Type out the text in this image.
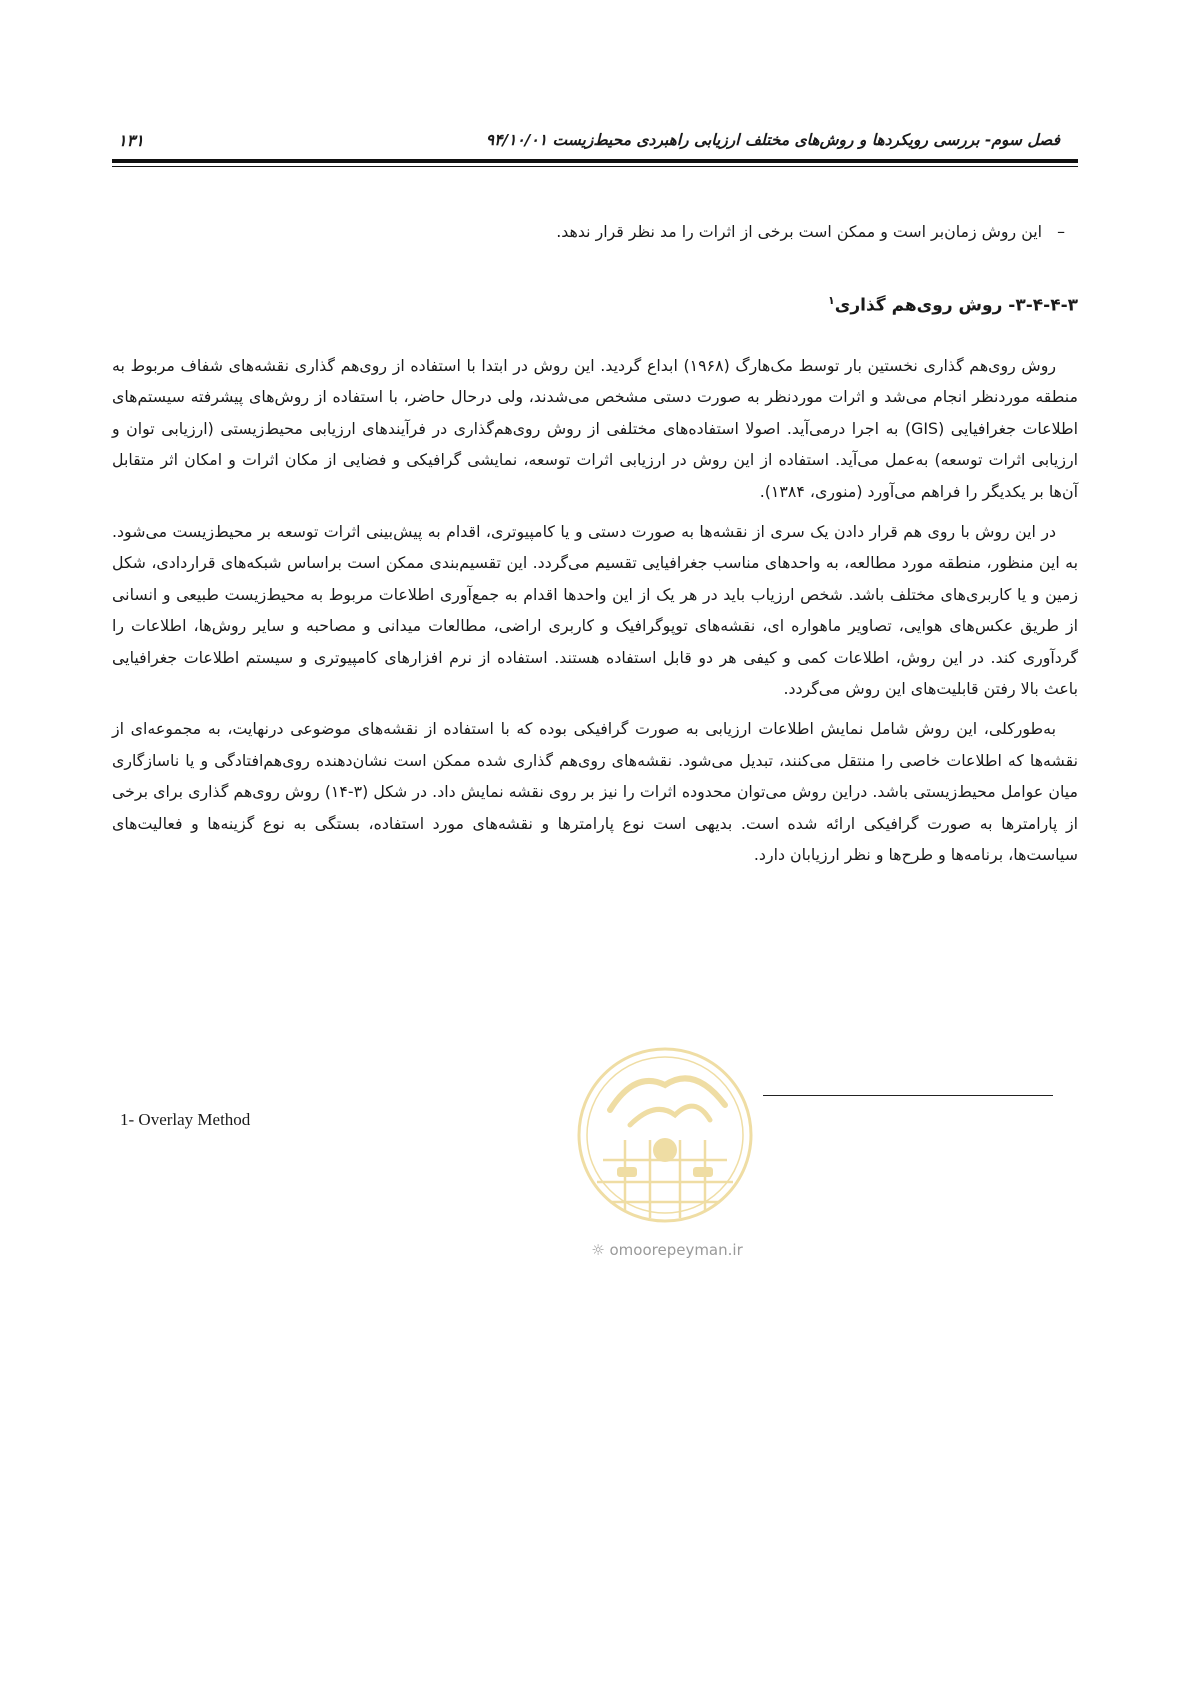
فصل سوم- بررسی رویکردها و روش‌های مختلف ارزیابی راهبردی محیط‌زیست ۹۴/۱۰/۰۱
۱۳۱
–   این روش زمان‌بر است و ممکن است برخی از اثرات را مد نظر قرار ندهد.
۳-۴-۴-۳- روش روی‌هم گذاری$^۱$

روش روی‌هم گذاری نخستین بار توسط مک‌هارگ (۱۹۶۸) ابداع گردید. این روش در ابتدا با استفاده از روی‌هم گذاری نقشه‌های شفاف مربوط به منطقه موردنظر انجام می‌شد و اثرات موردنظر به صورت دستی مشخص می‌شدند، ولی درحال حاضر، با استفاده از روش‌های پیشرفته سیستم‌های اطلاعات جغرافیایی (GIS) به اجرا درمی‌آید. اصولا استفاده‌های مختلفی از روش روی‌هم‌گذاری در فرآیندهای ارزیابی محیط‌زیستی (ارزیابی توان و ارزیابی اثرات توسعه) به‌عمل می‌آید. استفاده از این روش در ارزیابی اثرات توسعه، نمایشی گرافیکی و فضایی از مکان اثرات و امکان اثر متقابل آن‌ها بر یکدیگر را فراهم می‌آورد (منوری، ۱۳۸۴).

در این روش با روی هم قرار دادن یک سری از نقشه‌ها به صورت دستی و یا کامپیوتری، اقدام به پیش‌بینی اثرات توسعه بر محیط‌زیست می‌شود. به این منظور، منطقه مورد مطالعه، به واحدهای مناسب جغرافیایی تقسیم می‌گردد. این تقسیم‌بندی ممکن است براساس شبکه‌های قراردادی، شکل زمین و یا کاربری‌های مختلف باشد. شخص ارزیاب باید در هر یک از این واحدها اقدام به جمع‌آوری اطلاعات مربوط به محیط‌زیست طبیعی و انسانی از طریق عکس‌های هوایی، تصاویر ماهواره ای، نقشه‌های توپوگرافیک و کاربری اراضی، مطالعات میدانی و مصاحبه و سایر روش‌ها، اطلاعات را گردآوری کند. در این روش، اطلاعات کمی و کیفی هر دو قابل استفاده هستند. استفاده از نرم افزارهای کامپیوتری و سیستم اطلاعات جغرافیایی باعث بالا رفتن قابلیت‌های این روش می‌گردد.

به‌طورکلی، این روش شامل نمایش اطلاعات ارزیابی به صورت گرافیکی بوده که با استفاده از نقشه‌های موضوعی درنهایت، به مجموعه‌ای از نقشه‌ها که اطلاعات خاصی را منتقل می‌کنند، تبدیل می‌شود. نقشه‌های روی‌هم گذاری شده ممکن است نشان‌دهنده روی‌هم‌افتادگی و یا ناسازگاری میان عوامل محیط‌زیستی باشد. دراین روش می‌توان محدوده اثرات را نیز بر روی نقشه نمایش داد. در شکل (۳-۱۴) روش روی‌هم گذاری برای برخی از پارامترها به صورت گرافیکی ارائه شده است. بدیهی است نوع پارامترها و نقشه‌های مورد استفاده، بستگی به نوع گزینه‌ها و فعالیت‌های سیاست‌ها، برنامه‌ها و طرح‌ها و نظر ارزیابان دارد.

1- Overlay Method
☼ omoorepeyman.ir
